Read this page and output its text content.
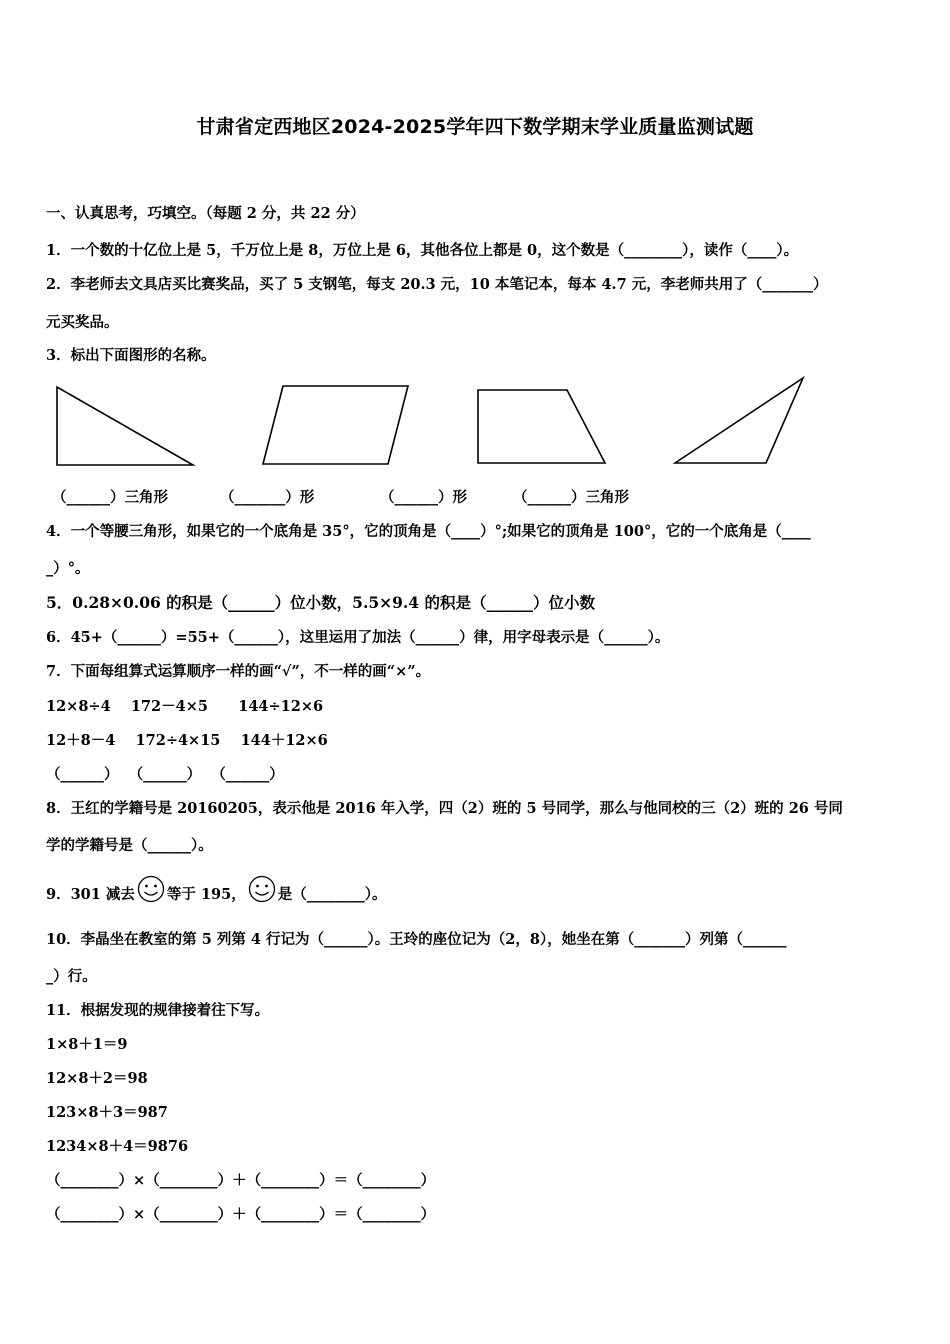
甘肃省定西地区2024-2025学年四下数学期末学业质量监测试题
一、认真思考，巧填空。（每题 2 分，共 22 分）
1．一个数的十亿位上是 5，千万位上是 8，万位上是 6，其他各位上都是 0，这个数是（________），读作（____）。
2．李老师去文具店买比赛奖品，买了 5 支钢笔，每支 20.3 元，10 本笔记本，每本 4.7 元，李老师共用了（_______）
元买奖品。
3．标出下面图形的名称。
（______）三角形	（_______）形	（______）形	（______）三角形
4．一个等腰三角形，如果它的一个底角是 35°，它的顶角是（____）°;如果它的顶角是 100°，它的一个底角是（____
_）°。
5．0.28×0.06 的积是（______）位小数，5.5×9.4 的积是（______）位小数
6．45+（______）=55+（______），这里运用了加法（______）律，用字母表示是（______）。
7．下面每组算式运算顺序一样的画“√”，不一样的画“×”。
12×8÷4    172－4×5      144÷12×6
12＋8－4    172÷4×15    144＋12×6
（______）  （______）  （______）
8．王红的学籍号是 20160205，表示他是 2016 年入学，四（2）班的 5 号同学，那么与他同校的三（2）班的 26 号同
学的学籍号是（______）。
9．301 减去 等于 195， 是（________）。
10．李晶坐在教室的第 5 列第 4 行记为（______）。王玲的座位记为（2，8），她坐在第（_______）列第（______
_）行。
11．根据发现的规律接着往下写。
1×8＋1＝9
12×8＋2＝98
123×8＋3＝987
1234×8＋4＝9876
（________）×（________）＋（________）＝（________）
（________）×（________）＋（________）＝（________）
